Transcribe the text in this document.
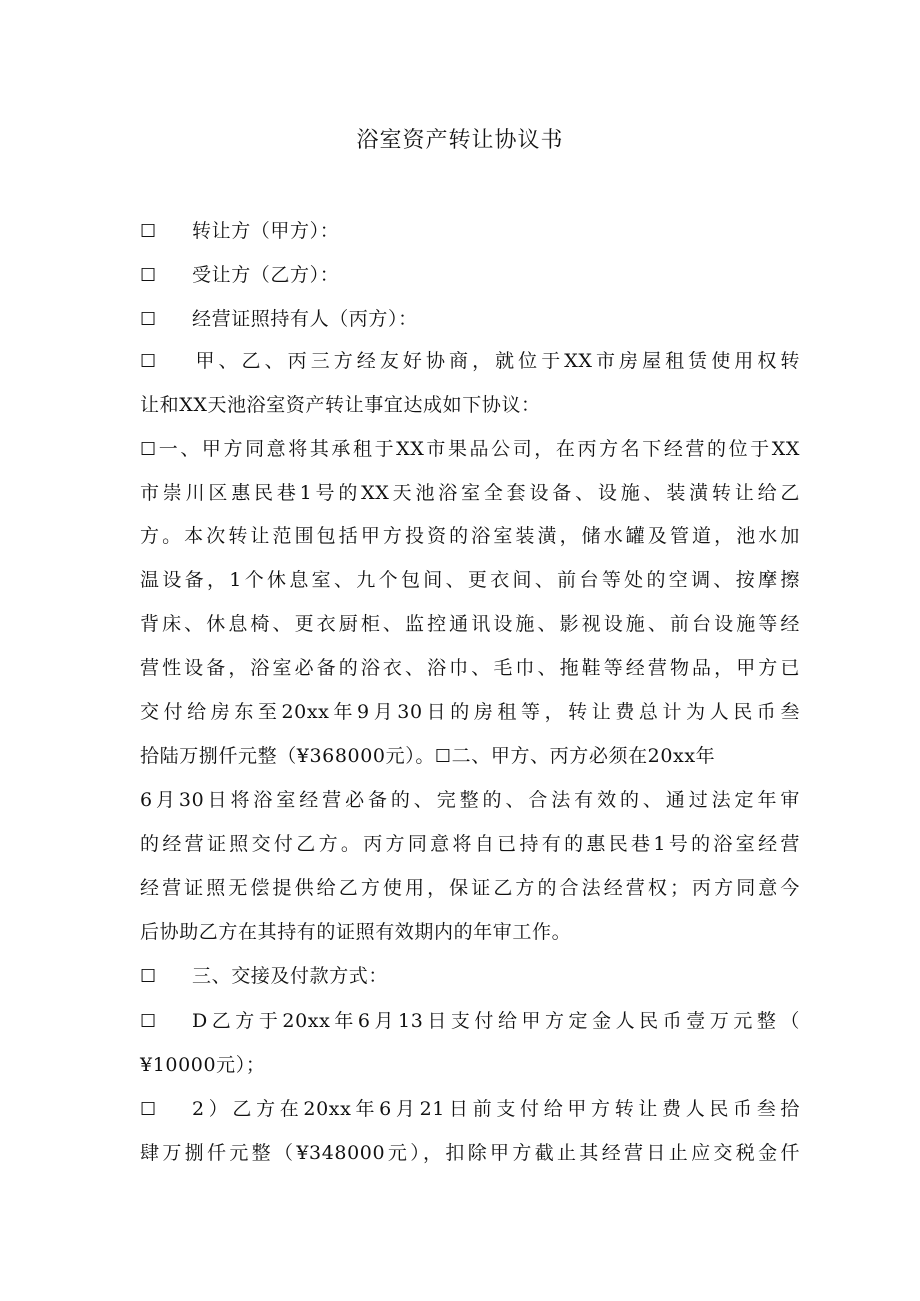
浴室资产转让协议书
☐ 转让方（甲方）：
☐ 受让方（乙方）：
☐ 经营证照持有人（丙方）：
☐ 甲、乙、丙三方经友好协商，就位于XX市房屋租赁使用权转
让和XX天池浴室资产转让事宜达成如下协议：
☐一、甲方同意将其承租于XX市果品公司，在丙方名下经营的位于XX
市崇川区惠民巷1号的XX天池浴室全套设备、设施、装潢转让给乙
方。本次转让范围包括甲方投资的浴室装潢，储水罐及管道，池水加
温设备，1个休息室、九个包间、更衣间、前台等处的空调、按摩擦
背床、休息椅、更衣厨柜、监控通讯设施、影视设施、前台设施等经
营性设备，浴室必备的浴衣、浴巾、毛巾、拖鞋等经营物品，甲方已
交付给房东至20xx年9月30日的房租等，转让费总计为人民币叁
拾陆万捌仟元整（¥368000元）。☐二、甲方、丙方必须在20xx年
6月30日将浴室经营必备的、完整的、合法有效的、通过法定年审
的经营证照交付乙方。丙方同意将自已持有的惠民巷1号的浴室经营
经营证照无偿提供给乙方使用，保证乙方的合法经营权；丙方同意今
后协助乙方在其持有的证照有效期内的年审工作。
☐ 三、交接及付款方式：
☐ D乙方于20xx年6月13日支付给甲方定金人民币壹万元整（
¥10000元）；
☐ 2）乙方在20xx年6月21日前支付给甲方转让费人民币叁拾
肆万捌仟元整（¥348000元），扣除甲方截止其经营日止应交税金仟
